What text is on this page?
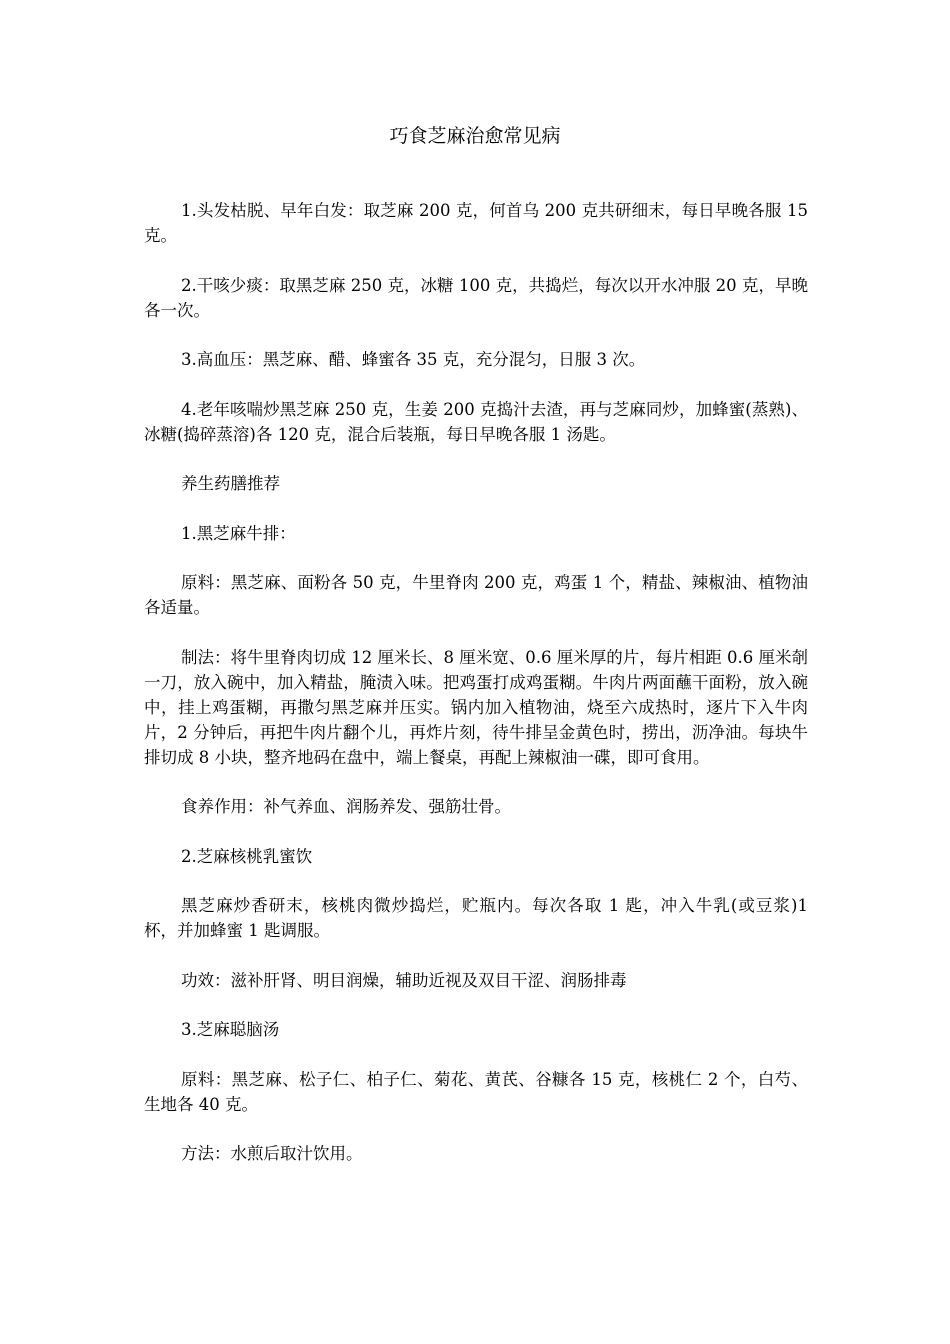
巧食芝麻治愈常见病

1.头发枯脱、早年白发：取芝麻 200 克，何首乌 200 克共研细末，每日早晚各服 15 克。

2.干咳少痰：取黑芝麻 250 克，冰糖 100 克，共捣烂，每次以开水冲服 20 克，早晚各一次。

3.高血压：黑芝麻、醋、蜂蜜各 35 克，充分混匀，日服 3 次。

4.老年咳喘炒黑芝麻 250 克，生姜 200 克捣汁去渣，再与芝麻同炒，加蜂蜜(蒸熟)、冰糖(捣碎蒸溶)各 120 克，混合后装瓶，每日早晚各服 1 汤匙。

养生药膳推荐

1.黑芝麻牛排：

原料：黑芝麻、面粉各 50 克，牛里脊肉 200 克，鸡蛋 1 个，精盐、辣椒油、植物油各适量。

制法：将牛里脊肉切成 12 厘米长、8 厘米宽、0.6 厘米厚的片，每片相距 0.6 厘米剞一刀，放入碗中，加入精盐，腌渍入味。把鸡蛋打成鸡蛋糊。牛肉片两面蘸干面粉，放入碗中，挂上鸡蛋糊，再撒匀黑芝麻并压实。锅内加入植物油，烧至六成热时，逐片下入牛肉片，2 分钟后，再把牛肉片翻个儿，再炸片刻，待牛排呈金黄色时，捞出，沥净油。每块牛排切成 8 小块，整齐地码在盘中，端上餐桌，再配上辣椒油一碟，即可食用。

食养作用：补气养血、润肠养发、强筋壮骨。

2.芝麻核桃乳蜜饮

黑芝麻炒香研末，核桃肉微炒捣烂，贮瓶内。每次各取 1 匙，冲入牛乳(或豆浆)1 杯，并加蜂蜜 1 匙调服。

功效：滋补肝肾、明目润燥，辅助近视及双目干涩、润肠排毒

3.芝麻聪脑汤

原料：黑芝麻、松子仁、柏子仁、菊花、黄芪、谷糠各 15 克，核桃仁 2 个，白芍、生地各 40 克。

方法：水煎后取汁饮用。
